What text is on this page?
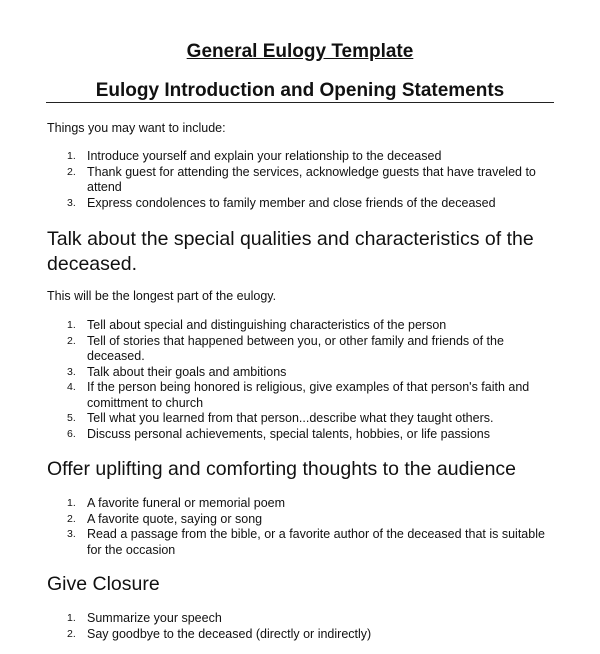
General Eulogy Template
Eulogy Introduction and Opening Statements
Things you may want to include:
1. Introduce yourself and explain your relationship to the deceased
2. Thank guest for attending the services, acknowledge guests that have traveled to attend
3. Express condolences to family member and close friends of the deceased
Talk about the special qualities and characteristics of the deceased.
This will be the longest part of the eulogy.
1. Tell about special and distinguishing characteristics of the person
2. Tell of stories that happened between you, or other family and friends of the deceased.
3. Talk about their goals and ambitions
4. If the person being honored is religious, give examples of that person's faith and comittment to church
5. Tell what you learned from that person...describe what they taught others.
6. Discuss personal achievements, special talents, hobbies, or life passions
Offer uplifting and comforting thoughts to the audience
1. A favorite funeral or memorial poem
2. A favorite quote, saying or song
3. Read a passage from the bible, or a favorite author of the deceased that is suitable for the occasion
Give Closure
1. Summarize your speech
2. Say goodbye to the deceased (directly or indirectly)
